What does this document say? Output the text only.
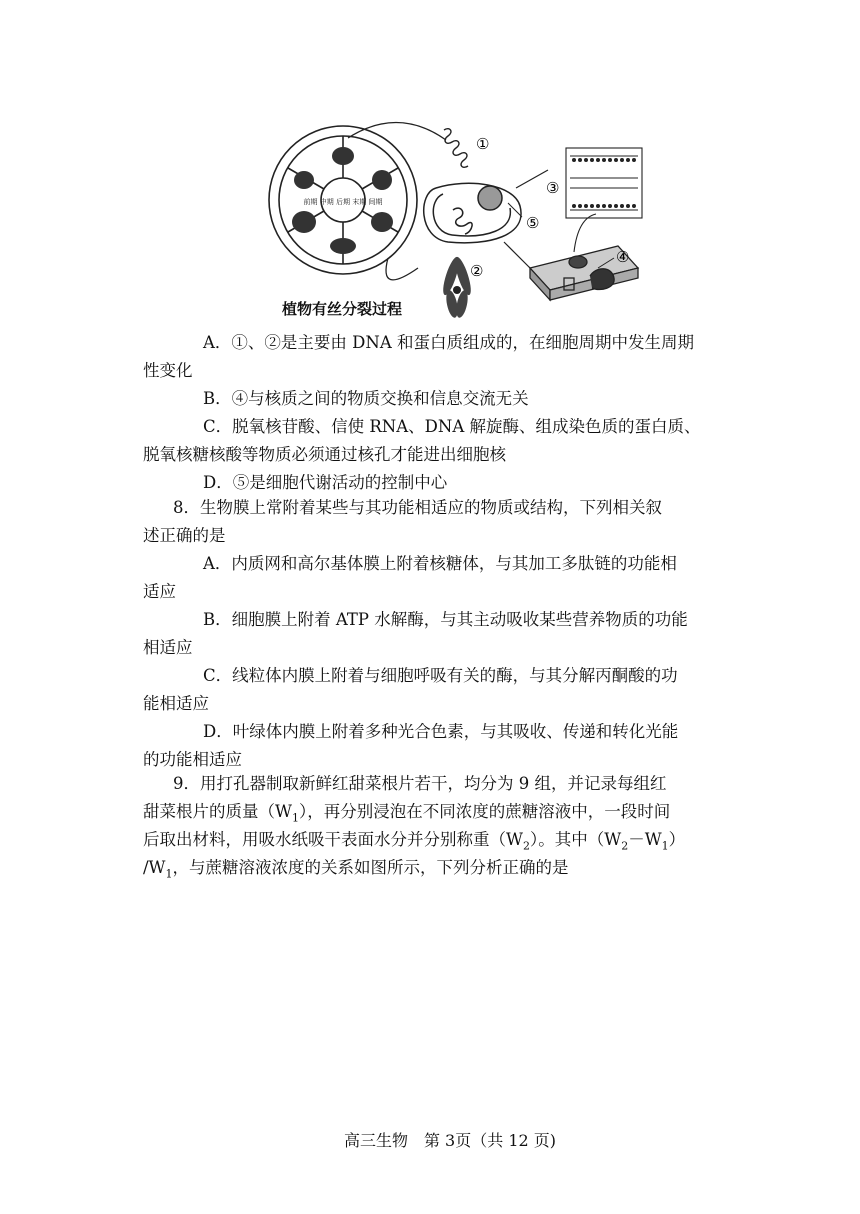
前期 中期 后期 末期 间期
①
⑤
②
③
④
植物有丝分裂过程
A．①、②是主要由 DNA 和蛋白质组成的，在细胞周期中发生周期
性变化
B．④与核质之间的物质交换和信息交流无关
C．脱氧核苷酸、信使 RNA、DNA 解旋酶、组成染色质的蛋白质、
脱氧核糖核酸等物质必须通过核孔才能进出细胞核
D．⑤是细胞代谢活动的控制中心
8．生物膜上常附着某些与其功能相适应的物质或结构，下列相关叙
述正确的是
A．内质网和高尔基体膜上附着核糖体，与其加工多肽链的功能相
适应
B．细胞膜上附着 ATP 水解酶，与其主动吸收某些营养物质的功能
相适应
C．线粒体内膜上附着与细胞呼吸有关的酶，与其分解丙酮酸的功
能相适应
D．叶绿体内膜上附着多种光合色素，与其吸收、传递和转化光能
的功能相适应
9．用打孔器制取新鲜红甜菜根片若干，均分为 9 组，并记录每组红
甜菜根片的质量$(W_1)$，再分别浸泡在不同浓度的蔗糖溶液中，一段时间
后取出材料，用吸水纸吸干表面水分并分别称重$(W_2)$。其中$(W_2-W_1)$
$/W_1$，与蔗糖溶液浓度的关系如图所示，下列分析正确的是
高三生物　第 3页（共 12 页)
